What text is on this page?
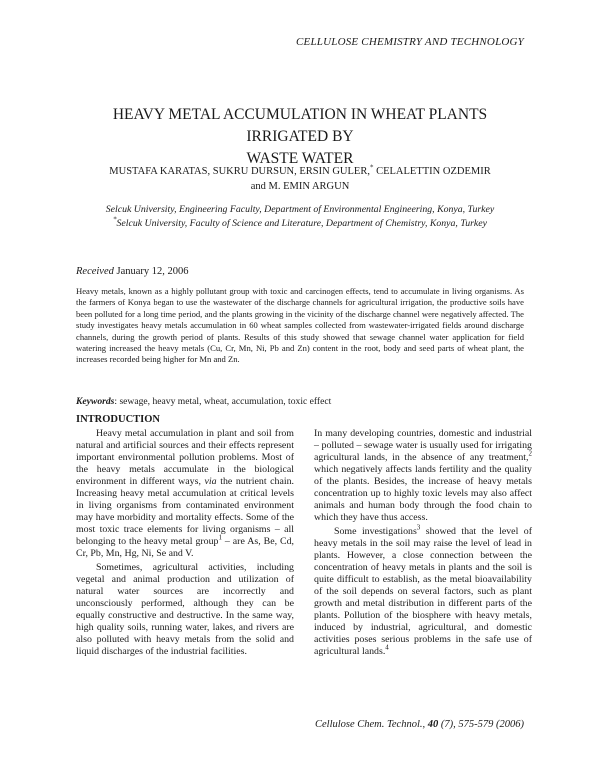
CELLULOSE CHEMISTRY AND TECHNOLOGY
HEAVY METAL ACCUMULATION IN WHEAT PLANTS IRRIGATED BY
WASTE WATER
MUSTAFA KARATAS, SUKRU DURSUN, ERSIN GULER,* CELALETTIN OZDEMIR
and M. EMIN ARGUN
Selcuk University, Engineering Faculty, Department of Environmental Engineering, Konya, Turkey
*Selcuk University, Faculty of Science and Literature, Department of Chemistry, Konya, Turkey
Received January 12, 2006
Heavy metals, known as a highly pollutant group with toxic and carcinogen effects, tend to accumulate in living organisms. As the farmers of Konya began to use the wastewater of the discharge channels for agricultural irrigation, the productive soils have been polluted for a long time period, and the plants growing in the vicinity of the discharge channel were negatively affected. The study investigates heavy metals accumulation in 60 wheat samples collected from wastewater-irrigated fields around discharge channels, during the growth period of plants. Results of this study showed that sewage channel water application for field watering increased the heavy metals (Cu, Cr, Mn, Ni, Pb and Zn) content in the root, body and seed parts of wheat plant, the increases recorded being higher for Mn and Zn.
Keywords: sewage, heavy metal, wheat, accumulation, toxic effect
INTRODUCTION

Heavy metal accumulation in plant and soil from natural and artificial sources and their effects represent important environmental pollution problems. Most of the heavy metals accumulate in the biological environment in different ways, via the nutrient chain. Increasing heavy metal accumulation at critical levels in living organisms from contaminated environment may have morbidity and mortality effects. Some of the most toxic trace elements for living organisms – all belonging to the heavy metal group$^1$ – are As, Be, Cd, Cr, Pb, Mn, Hg, Ni, Se and V.

Sometimes, agricultural activities, including vegetal and animal production and utilization of natural water sources are incorrectly and unconsciously performed, although they can be equally constructive and destructive. In the same way, high quality soils, running water, lakes, and rivers are also polluted with heavy metals from the solid and liquid discharges of the industrial facilities.

In many developing countries, domestic and industrial – polluted – sewage water is usually used for irrigating agricultural lands, in the absence of any treatment,$^2$ which negatively affects lands fertility and the quality of the plants. Besides, the increase of heavy metals concentration up to highly toxic levels may also affect animals and human body through the food chain to which they have thus access.

Some investigations$^3$ showed that the level of heavy metals in the soil may raise the level of lead in plants. However, a close connection between the concentration of heavy metals in plants and the soil is quite difficult to establish, as the metal bioavailability of the soil depends on several factors, such as plant growth and metal distribution in different parts of the plants. Pollution of the biosphere with heavy metals, induced by industrial, agricultural, and domestic activities poses serious problems in the safe use of agricultural lands.$^4$

Cellulose Chem. Technol., 40 (7), 575-579 (2006)
